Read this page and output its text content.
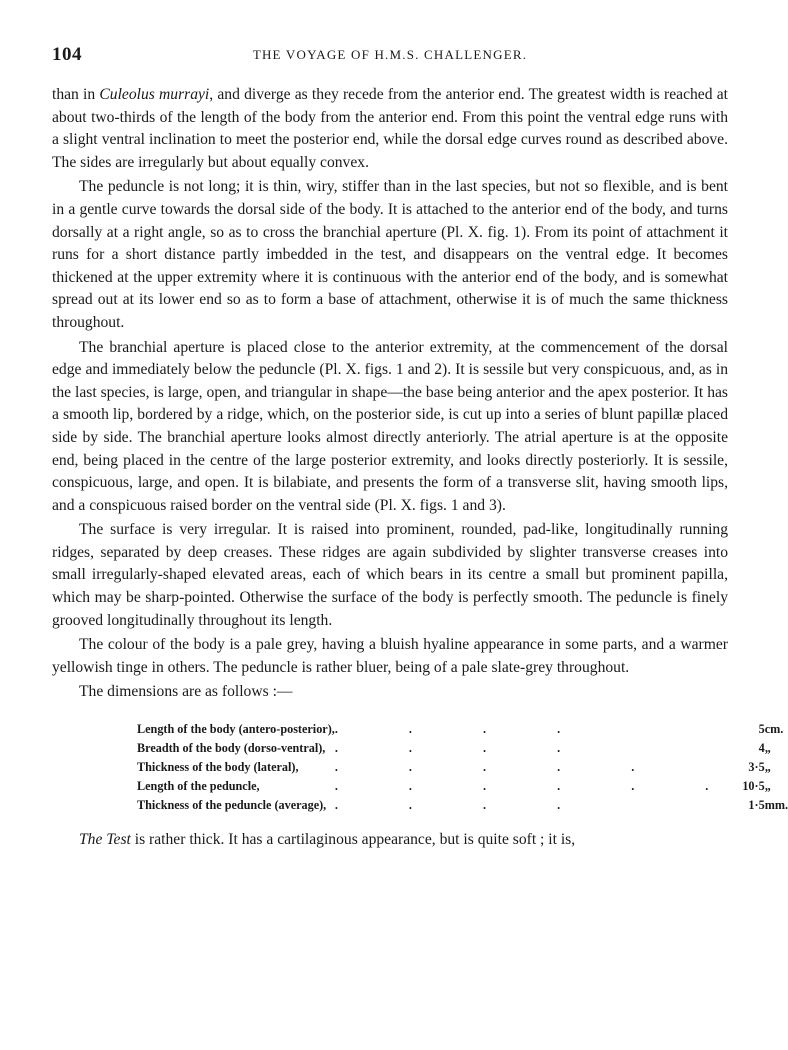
104	THE VOYAGE OF H.M.S. CHALLENGER.

than in Culeolus murrayi, and diverge as they recede from the anterior end. The greatest width is reached at about two-thirds of the length of the body from the anterior end. From this point the ventral edge runs with a slight ventral inclination to meet the posterior end, while the dorsal edge curves round as described above. The sides are irregularly but about equally convex.

The peduncle is not long; it is thin, wiry, stiffer than in the last species, but not so flexible, and is bent in a gentle curve towards the dorsal side of the body. It is attached to the anterior end of the body, and turns dorsally at a right angle, so as to cross the branchial aperture (Pl. X. fig. 1). From its point of attachment it runs for a short distance partly imbedded in the test, and disappears on the ventral edge. It becomes thickened at the upper extremity where it is continuous with the anterior end of the body, and is somewhat spread out at its lower end so as to form a base of attachment, otherwise it is of much the same thickness throughout.

The branchial aperture is placed close to the anterior extremity, at the commencement of the dorsal edge and immediately below the peduncle (Pl. X. figs. 1 and 2). It is sessile but very conspicuous, and, as in the last species, is large, open, and triangular in shape—the base being anterior and the apex posterior. It has a smooth lip, bordered by a ridge, which, on the posterior side, is cut up into a series of blunt papillæ placed side by side. The branchial aperture looks almost directly anteriorly. The atrial aperture is at the opposite end, being placed in the centre of the large posterior extremity, and looks directly posteriorly. It is sessile, conspicuous, large, and open. It is bilabiate, and presents the form of a transverse slit, having smooth lips, and a conspicuous raised border on the ventral side (Pl. X. figs. 1 and 3).

The surface is very irregular. It is raised into prominent, rounded, pad-like, longitudinally running ridges, separated by deep creases. These ridges are again subdivided by slighter transverse creases into small irregularly-shaped elevated areas, each of which bears in its centre a small but prominent papilla, which may be sharp-pointed. Otherwise the surface of the body is perfectly smooth. The peduncle is finely grooved longitudinally throughout its length.

The colour of the body is a pale grey, having a bluish hyaline appearance in some parts, and a warmer yellowish tinge in others. The peduncle is rather bluer, being of a pale slate-grey throughout.

The dimensions are as follows :—

Length of the body (antero-posterior),	. . . .	5	cm.
Breadth of the body (dorso-ventral),	. . . .	4	„
Thickness of the body (lateral),	. . . . .	3·5	„
Length of the peduncle,	. . . . . .	10·5	„
Thickness of the peduncle (average),	. . . .	1·5	mm.

The Test is rather thick. It has a cartilaginous appearance, but is quite soft ; it is,
